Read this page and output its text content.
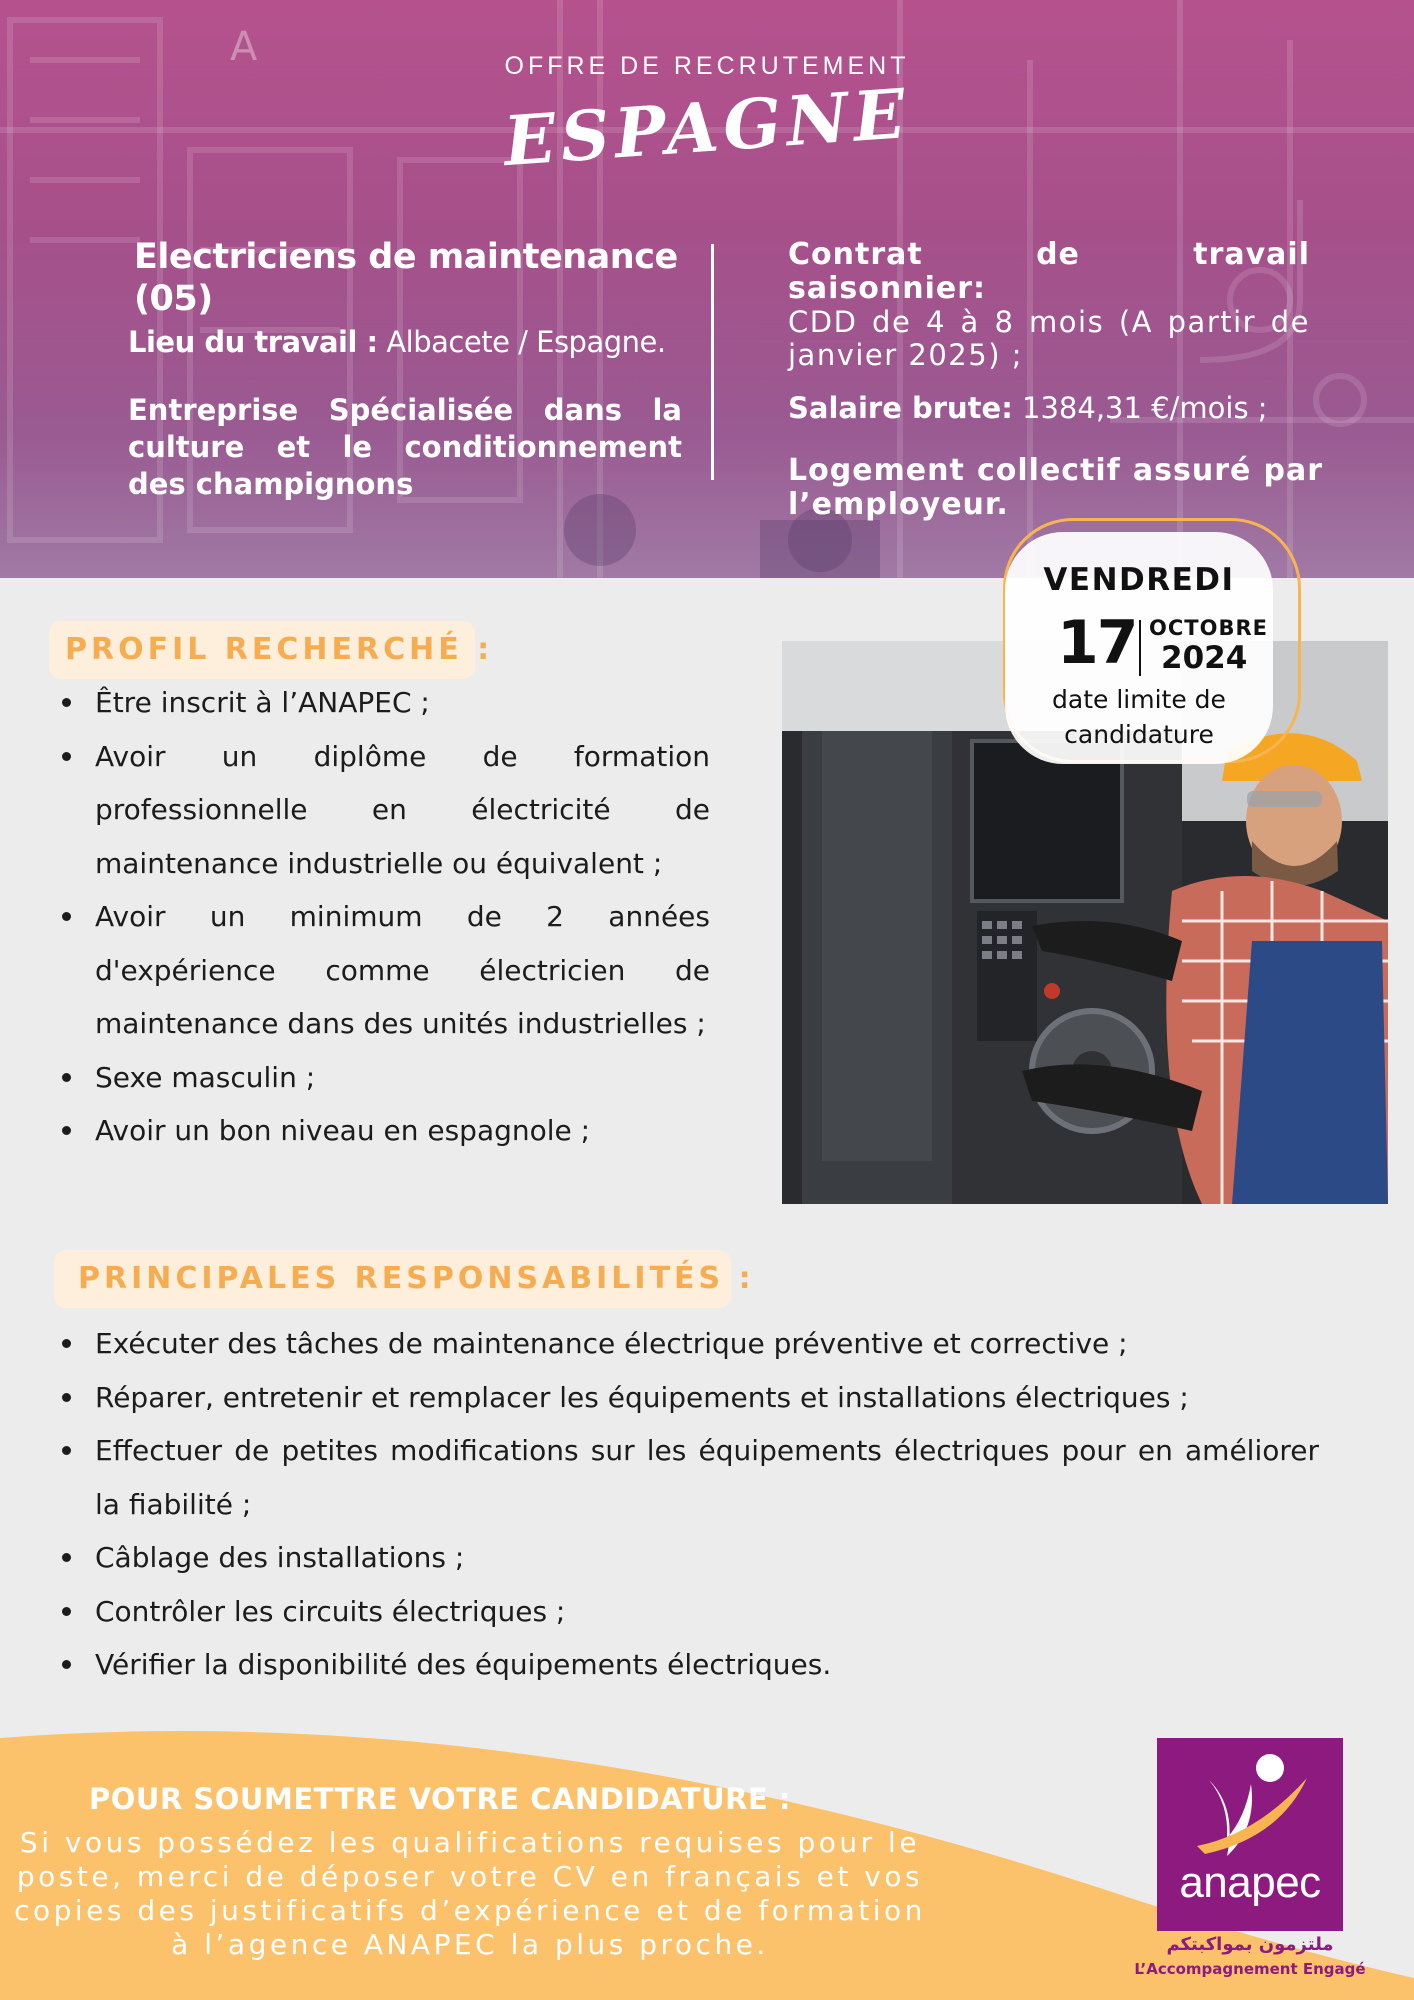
A	OFFRE DE RECRUTEMENT
ESPAGNE
Electriciens de maintenance (05)
Lieu du travail : Albacete / Espagne.
Entreprise Spécialisée dans la culture et le conditionnement des champignons
Contrat de travail saisonnier:
CDD de 4 à 8 mois (A partir de janvier 2025) ;
Salaire brute: 1384,31 €/mois ;
Logement collectif assuré par l’employeur.
VENDREDI
17 OCTOBRE
2024
date limite de candidature
PROFIL RECHERCHÉ :
Être inscrit à l’ANAPEC ;
Avoir un diplôme de formation professionnelle en électricité de maintenance industrielle ou équivalent ;
Avoir un minimum de 2 années d'expérience comme électricien de maintenance dans des unités industrielles ;
Sexe masculin ;
Avoir un bon niveau en espagnole ;
PRINCIPALES RESPONSABILITÉS :
Exécuter des tâches de maintenance électrique préventive et corrective ;
Réparer, entretenir et remplacer les équipements et installations électriques ;
Effectuer de petites modifications sur les équipements électriques pour en améliorer la fiabilité ;
Câblage des installations ;
Contrôler les circuits électriques ;
Vérifier la disponibilité des équipements électriques.
POUR SOUMETTRE VOTRE CANDIDATURE :
Si vous possédez les qualifications requises pour le poste, merci de déposer votre CV en français et vos copies des justificatifs d’expérience et de formation à l’agence ANAPEC la plus proche.
anapec
ملتزمون بمواكبتكم
L’Accompagnement Engagé
